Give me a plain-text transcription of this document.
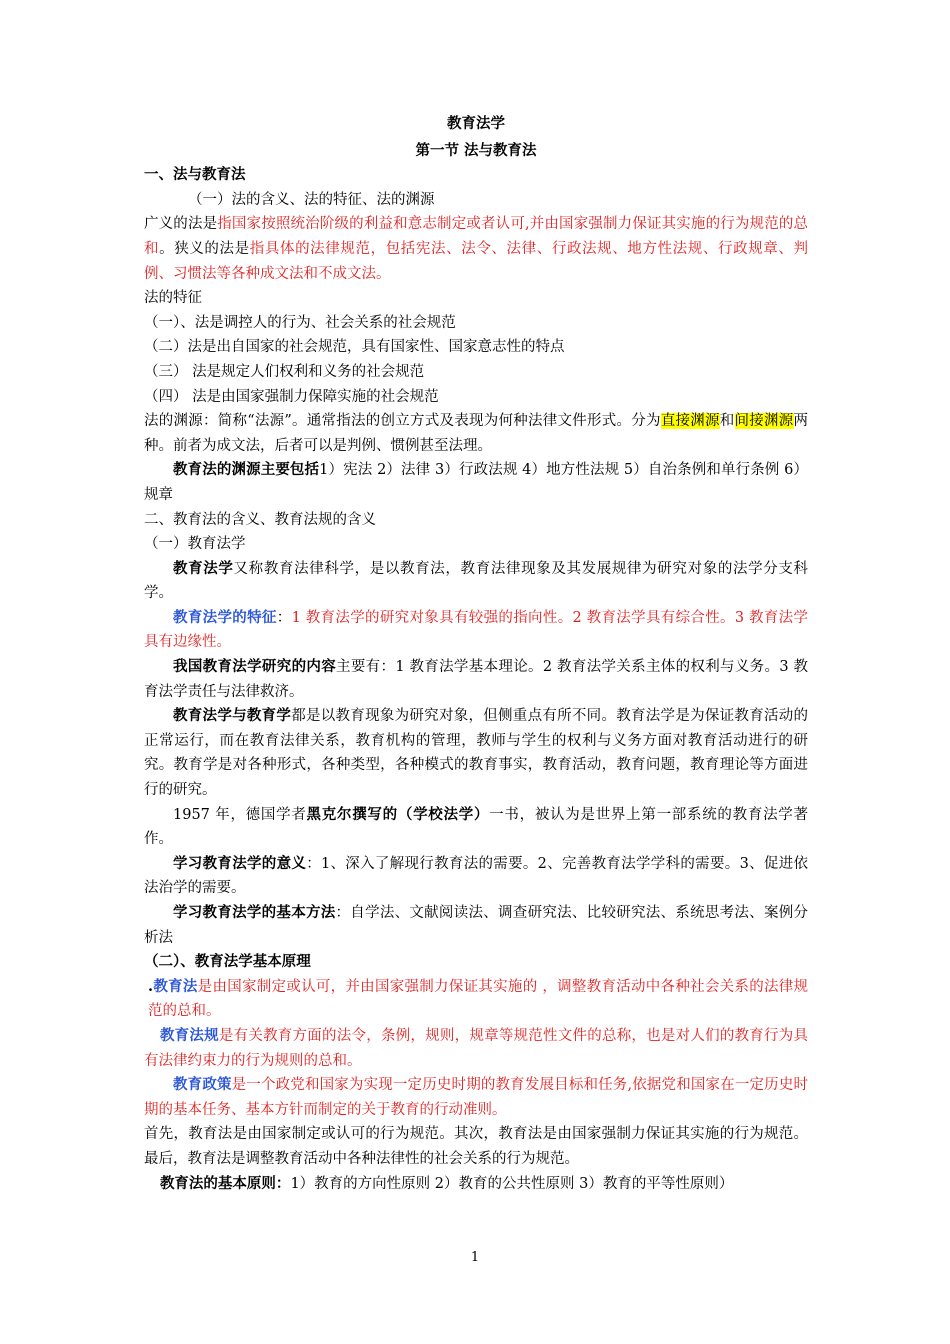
教育法学

第一节 法与教育法

一、法与教育法

（一）法的含义、法的特征、法的渊源

广义的法是指国家按照统治阶级的利益和意志制定或者认可,并由国家强制力保证其实施的行为规范的总和。狭义的法是指具体的法律规范，包括宪法、法令、法律、行政法规、地方性法规、行政规章、判例、习惯法等各种成文法和不成文法。

法的特征

（一）、法是调控人的行为、社会关系的社会规范

（二）法是出自国家的社会规范，具有国家性、国家意志性的特点

（三） 法是规定人们权利和义务的社会规范

（四） 法是由国家强制力保障实施的社会规范

法的渊源：简称“法源”。通常指法的创立方式及表现为何种法律文件形式。分为直接渊源和间接渊源两种。前者为成文法，后者可以是判例、惯例甚至法理。

教育法的渊源主要包括1）宪法 2）法律 3）行政法规 4）地方性法规 5）自治条例和单行条例 6）规章

二、教育法的含义、教育法规的含义

（一）教育法学

教育法学又称教育法律科学，是以教育法，教育法律现象及其发展规律为研究对象的法学分支科学。

教育法学的特征：1 教育法学的研究对象具有较强的指向性。2 教育法学具有综合性。3 教育法学具有边缘性。

我国教育法学研究的内容主要有：1 教育法学基本理论。2 教育法学关系主体的权利与义务。3 教育法学责任与法律救济。

教育法学与教育学都是以教育现象为研究对象，但侧重点有所不同。教育法学是为保证教育活动的正常运行，而在教育法律关系，教育机构的管理，教师与学生的权利与义务方面对教育活动进行的研究。教育学是对各种形式，各种类型，各种模式的教育事实，教育活动，教育问题，教育理论等方面进行的研究。

1957 年，德国学者黑克尔撰写的（学校法学）一书，被认为是世界上第一部系统的教育法学著作。

学习教育法学的意义：1、深入了解现行教育法的需要。2、完善教育法学学科的需要。3、促进依法治学的需要。

学习教育法学的基本方法：自学法、文献阅读法、调查研究法、比较研究法、系统思考法、案例分析法

（二）、教育法学基本原理

.教育法是由国家制定或认可，并由国家强制力保证其实施的 ，调整教育活动中各种社会关系的法律规范的总和。

教育法规是有关教育方面的法令，条例，规则，规章等规范性文件的总称，也是对人们的教育行为具有法律约束力的行为规则的总和。

教育政策是一个政党和国家为实现一定历史时期的教育发展目标和任务,依据党和国家在一定历史时期的基本任务、基本方针而制定的关于教育的行动准则。

首先，教育法是由国家制定或认可的行为规范。其次，教育法是由国家强制力保证其实施的行为规范。最后，教育法是调整教育活动中各种法律性的社会关系的行为规范。

教育法的基本原则：1）教育的方向性原则 2）教育的公共性原则 3）教育的平等性原则）

1
